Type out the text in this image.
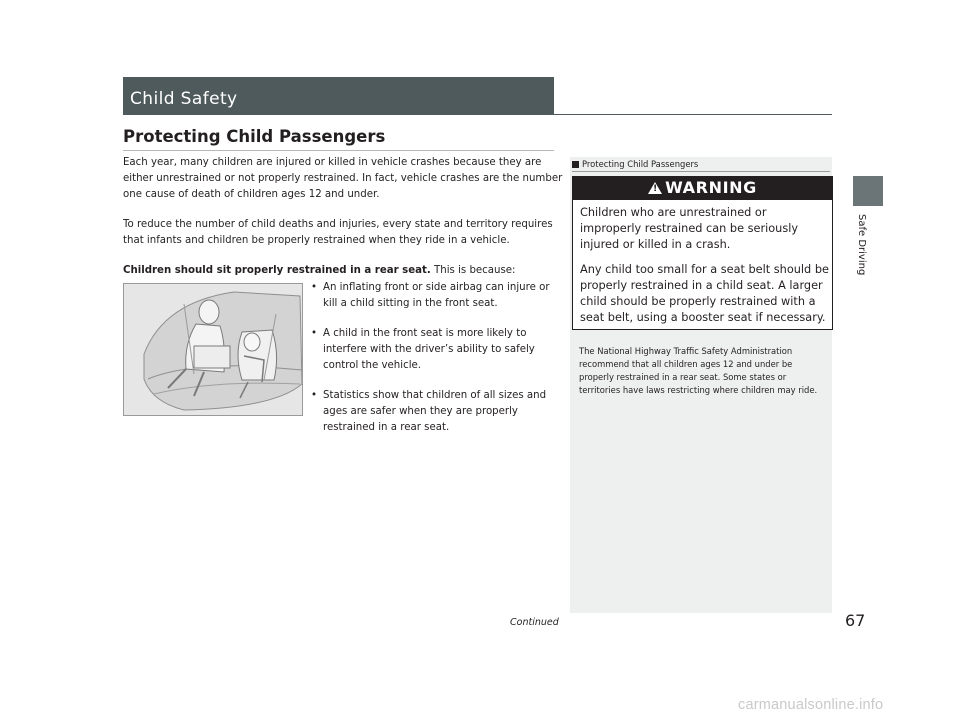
Child Safety
Safe Driving
Protecting Child Passengers

Each year, many children are injured or killed in vehicle crashes because they are either unrestrained or not properly restrained. In fact, vehicle crashes are the number one cause of death of children ages 12 and under.

To reduce the number of child deaths and injuries, every state and territory requires that infants and children be properly restrained when they ride in a vehicle.

Children should sit properly restrained in a rear seat. This is because:

• An inflating front or side airbag can injure or kill a child sitting in the front seat.
• A child in the front seat is more likely to interfere with the driver’s ability to safely control the vehicle.
• Statistics show that children of all sizes and ages are safer when they are properly restrained in a rear seat.
Protecting Child Passengers
!WARNING

Children who are unrestrained or improperly restrained can be seriously injured or killed in a crash.

Any child too small for a seat belt should be properly restrained in a child seat. A larger child should be properly restrained with a seat belt, using a booster seat if necessary.

The National Highway Traffic Safety Administration recommend that all children ages 12 and under be properly restrained in a rear seat. Some states or territories have laws restricting where children may ride.

Continued	67
carmanualsonline.info
